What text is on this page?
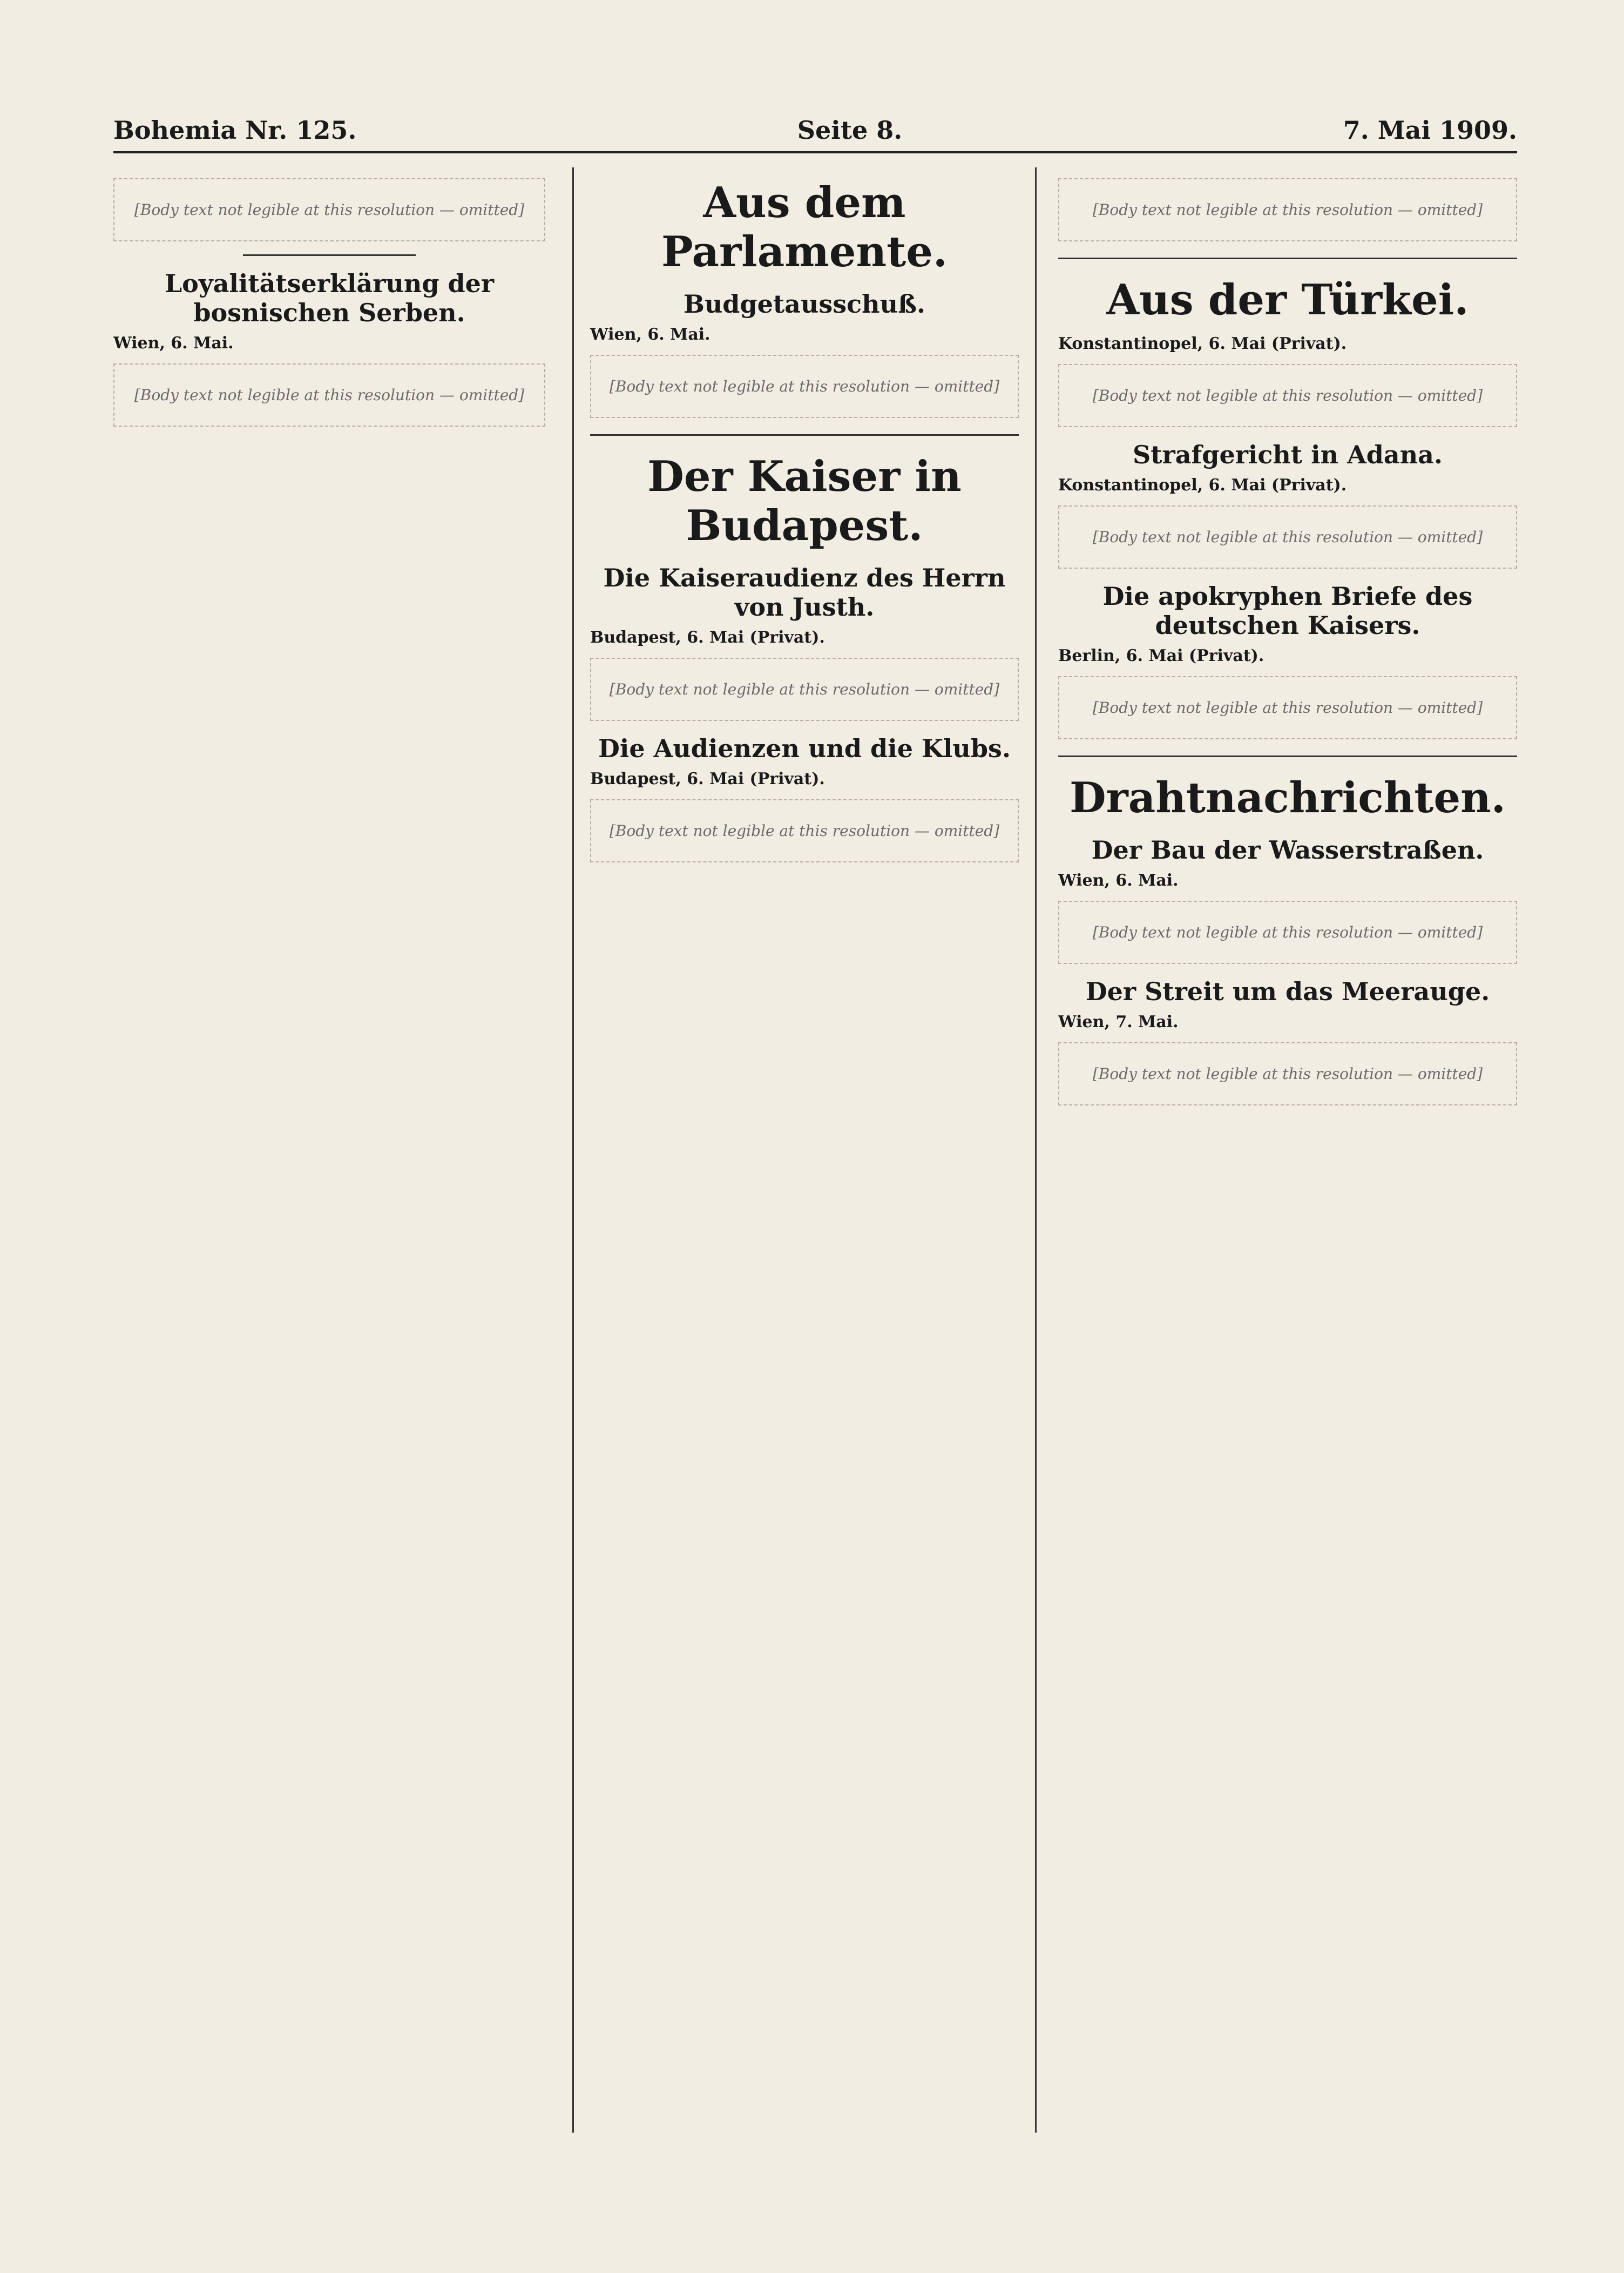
Bohemia Nr. 125.	Seite 8.	7. Mai 1909.
[Body text not legible at this resolution — omitted]
Loyalitätserklärung der bosnischen Serben.

Wien, 6. Mai.

[Body text not legible at this resolution — omitted]
Aus dem Parlamente.
Budgetausschuß.

Wien, 6. Mai.

[Body text not legible at this resolution — omitted]
Der Kaiser in Budapest.
Die Kaiseraudienz des Herrn von Justh.

Budapest, 6. Mai (Privat).

[Body text not legible at this resolution — omitted]
Die Audienzen und die Klubs.

Budapest, 6. Mai (Privat).

[Body text not legible at this resolution — omitted]
[Body text not legible at this resolution — omitted]
Aus der Türkei.

Konstantinopel, 6. Mai (Privat).

[Body text not legible at this resolution — omitted]
Strafgericht in Adana.

Konstantinopel, 6. Mai (Privat).

[Body text not legible at this resolution — omitted]
Die apokryphen Briefe des deutschen Kaisers.

Berlin, 6. Mai (Privat).

[Body text not legible at this resolution — omitted]
Drahtnachrichten.
Der Bau der Wasserstraßen.

Wien, 6. Mai.

[Body text not legible at this resolution — omitted]
Der Streit um das Meerauge.

Wien, 7. Mai.

[Body text not legible at this resolution — omitted]
